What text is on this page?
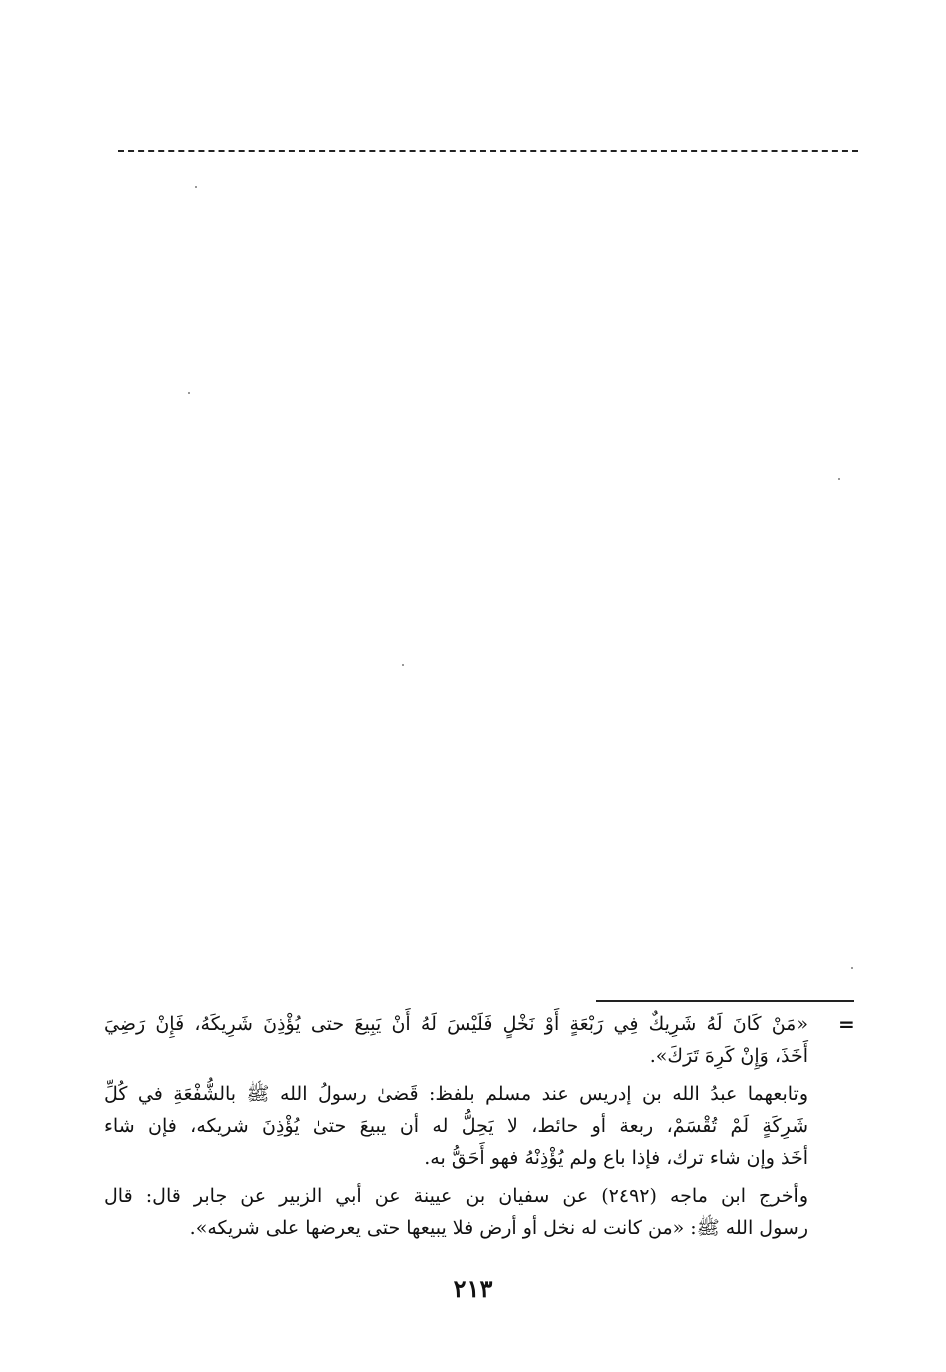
=

«مَنْ كَانَ لَهُ شَرِيكٌ فِي رَبْعَةٍ أَوْ نَخْلٍ فَلَيْسَ لَهُ أَنْ يَبِيعَ حتى يُؤْذِنَ شَرِيكَهُ، فَإِنْ رَضِيَ
أَخَذَ، وَإِنْ كَرِهَ تَرَكَ».

وتابعهما عبدُ الله بن إدريس عند مسلم بلفظ: قَضىٰ رسولُ الله ﷺ بالشُّفْعَةِ في كُلِّ
شَرِكَةٍ لَمْ تُقْسَمْ، ربعة أو حائط، لا يَحِلُّ له أن يبيعَ حتىٰ يُؤْذِنَ شريكه، فإن شاء
أخَذ وإن شاء ترك، فإذا باع ولم يُؤْذِنْهُ فهو أَحَقُّ به.

وأخرج ابن ماجه (٢٤٩٢) عن سفيان بن عيينة عن أبي الزبير عن جابر قال: قال
رسول الله ﷺ: «من كانت له نخل أو أرض فلا يبيعها حتى يعرضها على شريكه».

٢١٣
